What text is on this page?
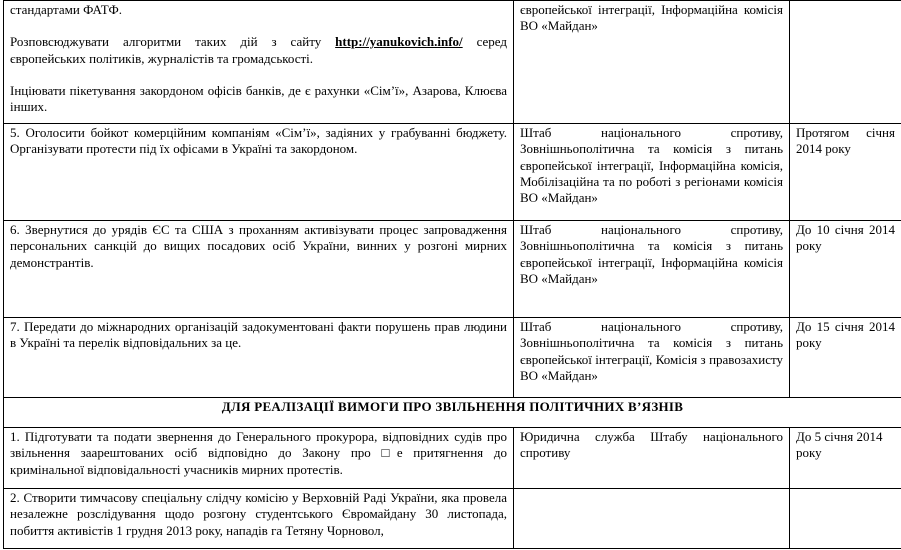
стандартами ФАТФ.

Розповсюджувати алгоритми таких дій з сайту http://yanukovich.info/ серед європейських політиків, журналістів та громадськості.

Інціювати пікетування закордоном офісів банків, де є рахунки «Сім’ї», Азарова, Клюєва інших.	європейської інтеграції, Інформаційна комісія ВО «Майдан»	
5. Оголосити бойкот комерційним компаніям «Сім’ї», задіяних у грабуванні бюджету. Організувати протести під їх офісами в Україні та закордоном.	Штаб національного спротиву, Зовнішньополітична та комісія з питань європейської інтеграції, Інформаційна комісія, Мобілізаційна та по роботі з регіонами комісія ВО «Майдан»	Протягом січня 2014 року
6. Звернутися до урядів ЄС та США з проханням активізувати процес запровадження персональних санкцій до вищих посадових осіб України, винних у розгоні мирних демонстрантів.	Штаб національного спротиву, Зовнішньополітична та комісія з питань європейської інтеграції, Інформаційна комісія ВО «Майдан»	До 10 січня 2014 року
7. Передати до міжнародних організацій задокументовані факти порушень прав людини в Україні та перелік відповідальних за це.	Штаб національного спротиву, Зовнішньополітична та комісія з питань європейської інтеграції, Комісія з правозахисту ВО «Майдан»	До 15 січня 2014 року
ДЛЯ РЕАЛІЗАЦІЇ ВИМОГИ ПРО ЗВІЛЬНЕННЯ ПОЛІТИЧНИХ В’ЯЗНІВ		
1. Підготувати та подати звернення до Генерального прокурора, відповідних судів про звільнення заарештованих осіб відповідно до Закону про □е притягнення до кримінальної відповідальності учасників мирних протестів.	Юридична служба Штабу національного спротиву	До 5 січня 2014 року
2. Створити тимчасову спеціальну слідчу комісію у Верховній Раді України, яка провела незалежне розслідування щодо розгону студентського Євромайдану 30 листопада, побиття активістів 1 грудня 2013 року, нападів га Тетяну Чорновол,		
